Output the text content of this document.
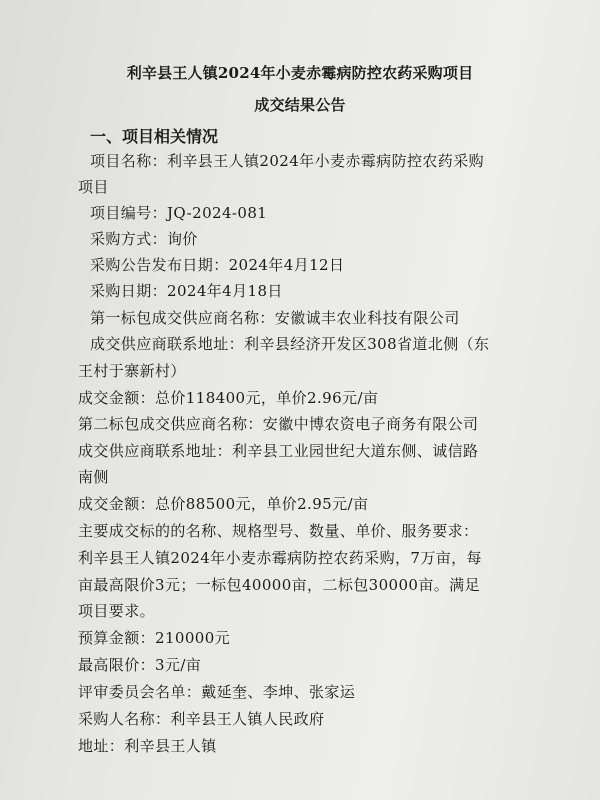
利辛县王人镇2024年小麦赤霉病防控农药采购项目
成交结果公告
一、项目相关情况
项目名称：利辛县王人镇2024年小麦赤霉病防控农药采购
项目
项目编号：JQ-2024-081
采购方式：询价
采购公告发布日期：2024年4月12日
采购日期：2024年4月18日
第一标包成交供应商名称：安徽诚丰农业科技有限公司
成交供应商联系地址：利辛县经济开发区308省道北侧（东
王村于寨新村）
成交金额：总价118400元，单价2.96元/亩
第二标包成交供应商名称：安徽中博农资电子商务有限公司
成交供应商联系地址：利辛县工业园世纪大道东侧、诚信路
南侧
成交金额：总价88500元，单价2.95元/亩
主要成交标的的名称、规格型号、数量、单价、服务要求：
利辛县王人镇2024年小麦赤霉病防控农药采购，7万亩，每
亩最高限价3元；一标包40000亩，二标包30000亩。满足
项目要求。
预算金额：210000元
最高限价：3元/亩
评审委员会名单：戴延奎、李坤、张家运
采购人名称：利辛县王人镇人民政府
地址：利辛县王人镇
